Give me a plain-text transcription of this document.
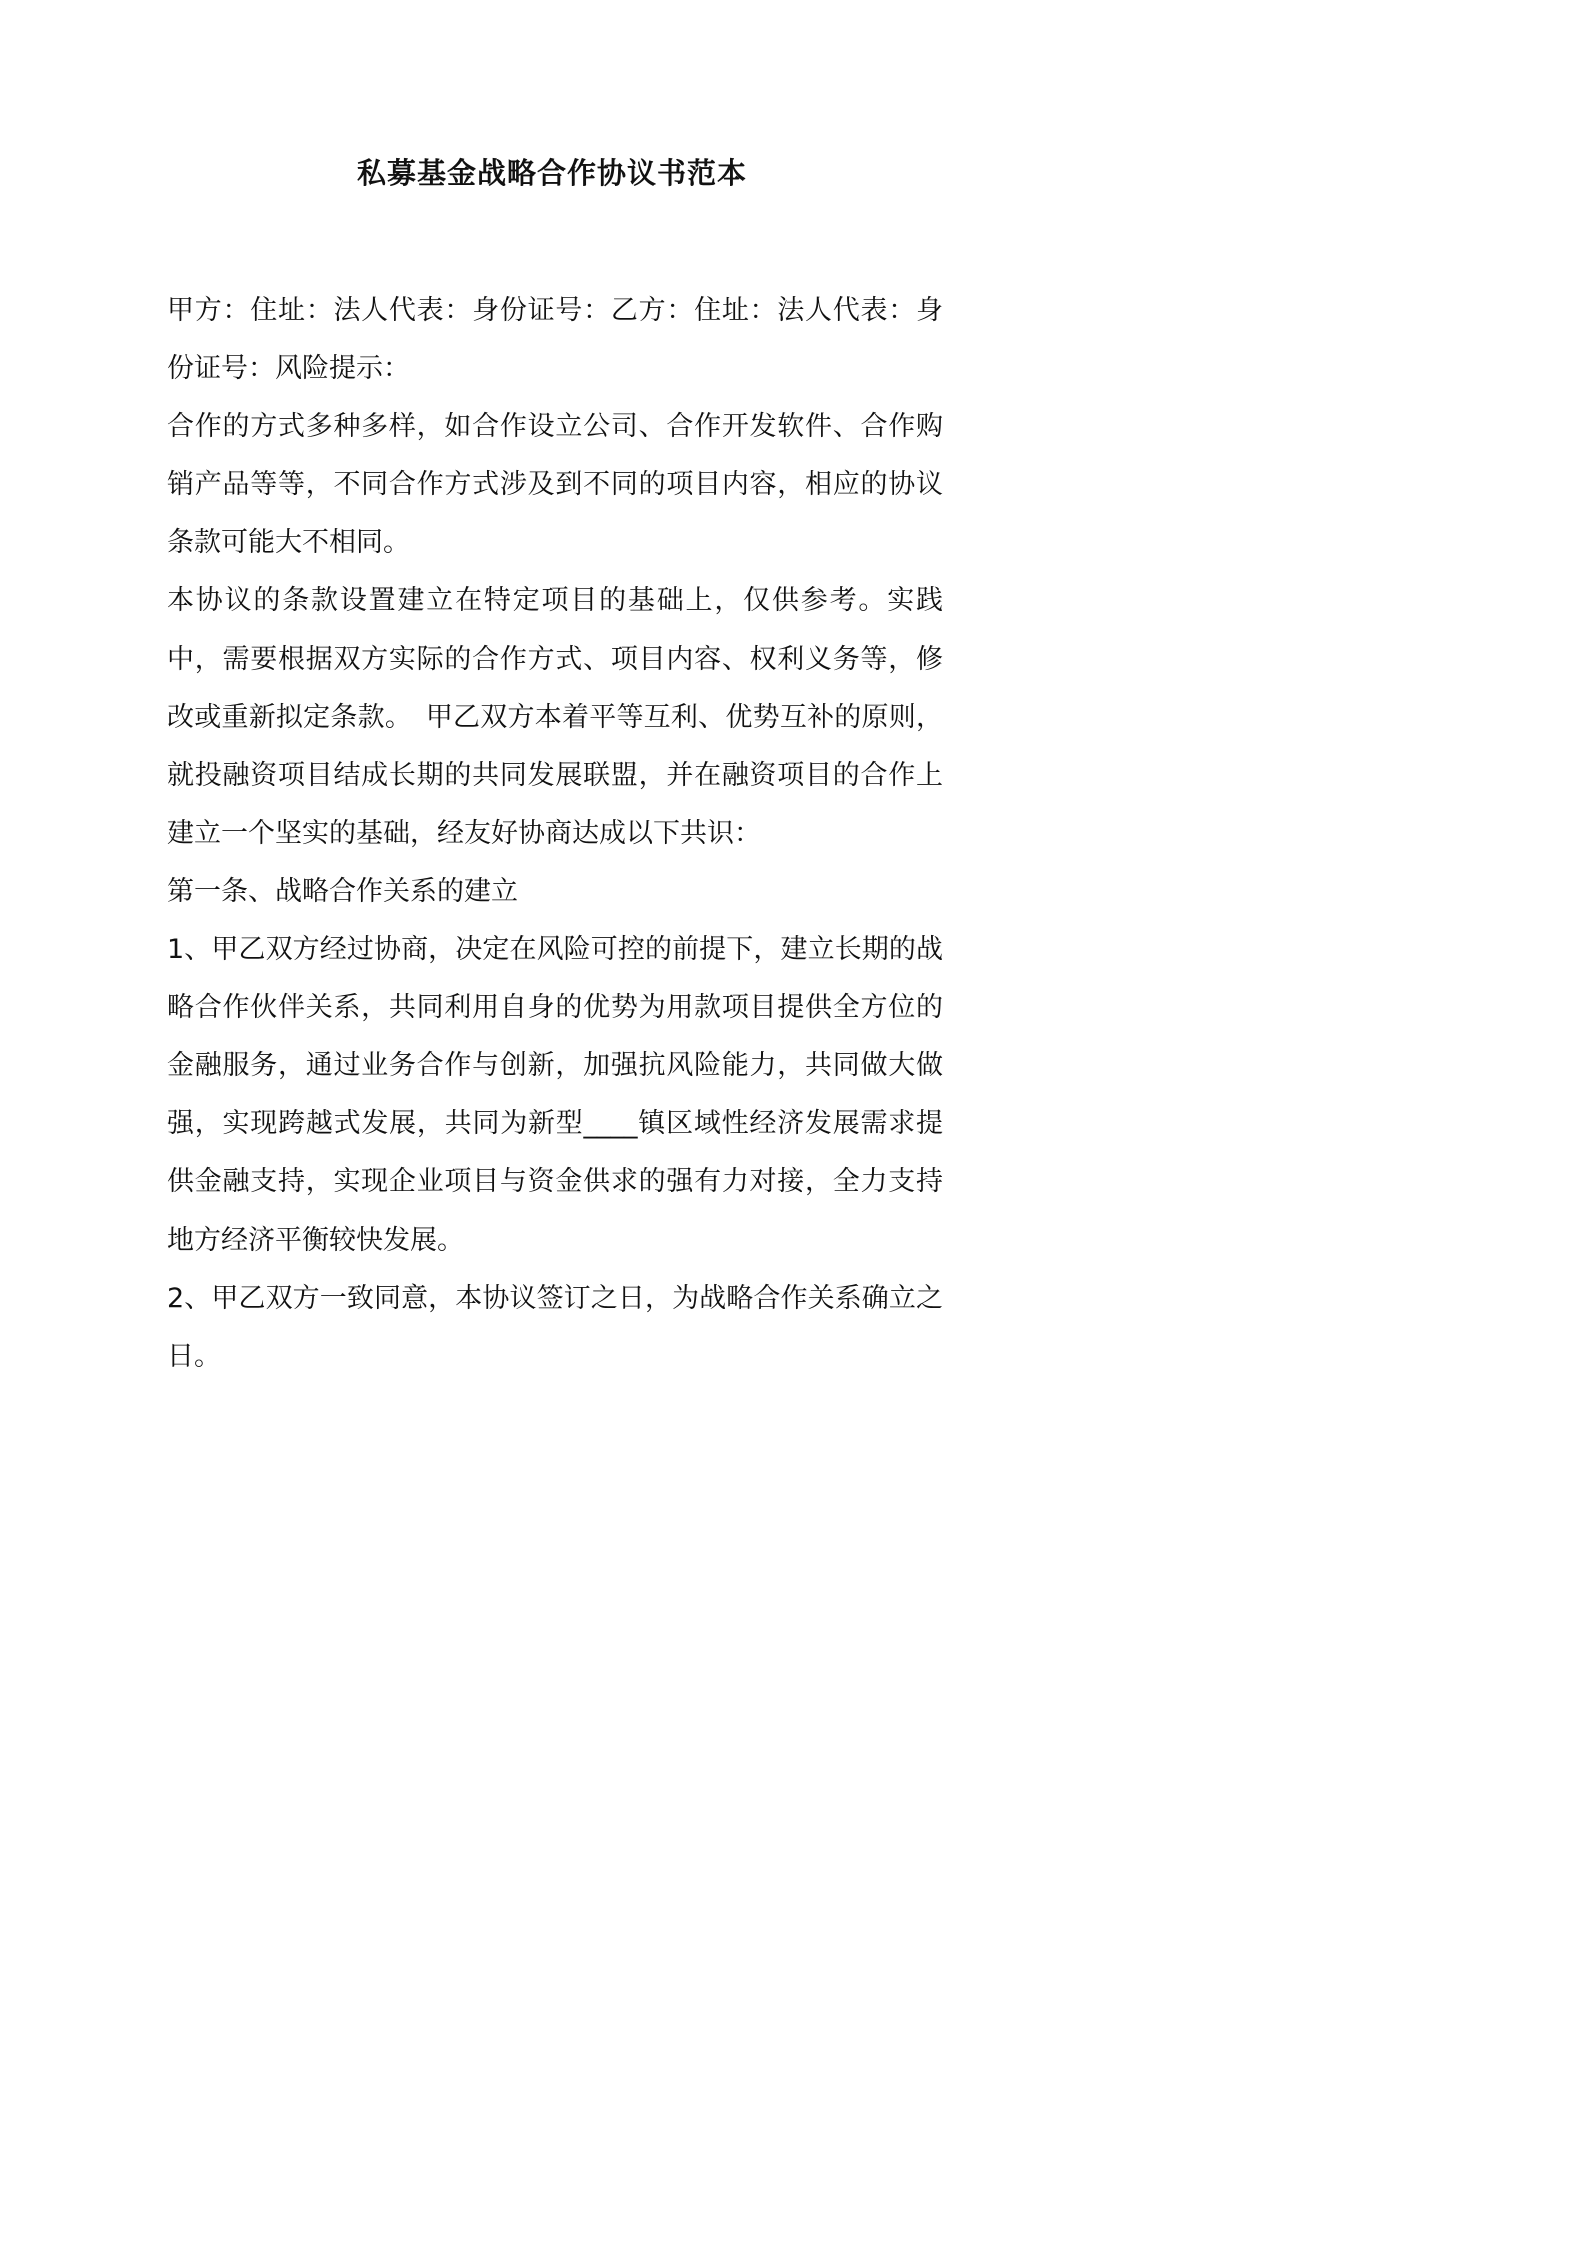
私募基金战略合作协议书范本

甲方：住址：法人代表：身份证号：乙方：住址：法人代表：身份证号：风险提示：

合作的方式多种多样，如合作设立公司、合作开发软件、合作购销产品等等，不同合作方式涉及到不同的项目内容，相应的协议条款可能大不相同。

本协议的条款设置建立在特定项目的基础上，仅供参考。实践中，需要根据双方实际的合作方式、项目内容、权利义务等，修改或重新拟定条款。　甲乙双方本着平等互利、优势互补的原则，就投融资项目结成长期的共同发展联盟，并在融资项目的合作上建立一个坚实的基础，经友好协商达成以下共识：

第一条、战略合作关系的建立

1、甲乙双方经过协商，决定在风险可控的前提下，建立长期的战略合作伙伴关系，共同利用自身的优势为用款项目提供全方位的金融服务，通过业务合作与创新，加强抗风险能力，共同做大做强，实现跨越式发展，共同为新型____镇区域性经济发展需求提供金融支持，实现企业项目与资金供求的强有力对接，全力支持地方经济平衡较快发展。

2、甲乙双方一致同意，本协议签订之日，为战略合作关系确立之日。
